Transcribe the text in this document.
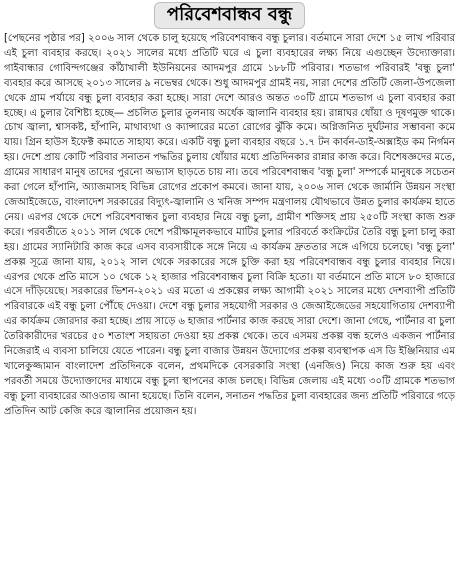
পরিবেশবান্ধব বন্ধু

[পেছনের পৃষ্ঠার পর] ২০০৬ সাল থেকে চালু হয়েছে পরিবেশবান্ধব বন্ধু চুলার। বর্তমানে সারা দেশে ১৫ লাখ পরিবার এই চুলা ব্যবহার করছে। ২০২১ সালের মধ্যে প্রতিটি ঘরে এ চুলা ব্যবহারের লক্ষ্য নিয়ে এগুচ্ছেন উদ্যোক্তারা। গাইবান্ধার গোবিন্দগঞ্জের কাঁঠাখালী ইউনিয়নের আদমপুর গ্রামে ১৮৮টি পরিবার। শতভাগ পরিবারই 'বন্ধু চুলা' ব্যবহার করে আসছে ২০১৩ সালের ৯ নভেম্বর থেকে। শুধু আদমপুর গ্রামই নয়, সারা দেশের প্রতিটি জেলা-উপজেলা থেকে গ্রাম পর্যায়ে বন্ধু চুলা ব্যবহার করা হচ্ছে। সারা দেশে আরও অন্তত ৩০টি গ্রামে শতভাগ এ চুলা ব্যবহার করা হচ্ছে। এ চুলার বৈশিষ্ট্য হচ্ছে— প্রচলিত চুলার তুলনায় অর্ধেক জ্বালানি ব্যবহার হয়। রান্নাঘর ধোঁয়া ও দূষণমুক্ত থাকে। চোখ জ্বালা, শ্বাসকষ্ট, হাঁপানি, মাথাব্যথা ও ক্যান্সারের মতো রোগের ঝুঁকি কমে। অগ্নিজনিত দুর্ঘটনার সম্ভাবনা কমে যায়। গ্রিন হাউস ইফেক্ট কমাতে সাহায্য করে। একটি বন্ধু চুলা ব্যবহার বছরে ১.৭ টন কার্বন-ডাই-অক্সাইড কম নির্গমন হয়। দেশে প্রায় কোটি পরিবার সনাতন পদ্ধতির চুলায় ধোঁয়ার মধ্যে প্রতিদিনকার রান্নার কাজ করে। বিশেষজ্ঞদের মতে, গ্রামের সাধারণ মানুষ তাদের পুরনো অভ্যাস ছাড়তে চায় না। তবে পরিবেশবান্ধব 'বন্ধু চুলা' সম্পর্কে মানুষকে সচেতন করা গেলে হাঁপানি, অ্যাজমাসহ বিভিন্ন রোগের প্রকোপ কমবে। জানা যায়, ২০০৬ সাল থেকে জার্মানি উন্নয়ন সংস্থা জেআইজেডে, বাংলাদেশ সরকারের বিদ্যুৎ-জ্বালানি ও খনিজ সম্পদ মন্ত্রণালয় যৌথভাবে উন্নত চুলার কার্যক্রম হাতে নেয়। এরপর থেকে দেশে পরিবেশবান্ধব চুলা ব্যবহার নিয়ে বন্ধু চুলা, গ্রামীণ শক্তিসহ প্রায় ২৫০টি সংস্থা কাজ শুরু করে। পরবর্তীতে ২০১১ সাল থেকে দেশে পরীক্ষামূলকভাবে মাটির চুলার পরিবর্তে কংক্রিটের তৈরি বন্ধু চুলা চালু করা হয়। গ্রামের স্যানিটারি কাজ করে এসব ব্যবসায়ীকে সঙ্গে নিয়ে এ কার্যক্রম দ্রুততার সঙ্গে এগিয়ে চলেছে। 'বন্ধু চুলা' প্রকল্প সূত্রে জানা যায়, ২০১২ সাল থেকে সরকারের সঙ্গে চুক্তি করা হয় পরিবেশবান্ধব বন্ধু চুলার ব্যবহার নিয়ে। এরপর থেকে প্রতি মাসে ১০ থেকে ১২ হাজার পরিবেশবান্ধব চুলা বিক্রি হতো। যা বর্তমানে প্রতি মাসে ৮০ হাজারে এসে দাঁড়িয়েছে। সরকারের ভিশন-২০২১ এর মতো এ প্রকল্পের লক্ষ্য আগামী ২০২১ সালের মধ্যে দেশব্যাপী প্রতিটি পরিবারকে এই বন্ধু চুলা পৌঁছে দেওয়া। দেশে বন্ধু চুলার সহযোগী সরকার ও জেআইজেডের সহযোগিতায় দেশব্যাপী এর কার্যক্রম জোরদার করা হচ্ছে। প্রায় সাড়ে ৬ হাজার পার্টনার কাজ করছে সারা দেশে। জানা গেছে, পার্টনার বা চুলা তৈরিকারীদের খরচের ৫০ শতাংশ সহায়তা দেওয়া হয় প্রকল্প থেকে। তবে এসময় প্রকল্প বন্ধ হলেও একজন পার্টনার নিজেরাই এ ব্যবসা চালিয়ে যেতে পারেন। বন্ধু চুলা বাজার উন্নয়ন উদ্যোগের প্রকল্প ব্যবস্থাপক এস ডি ইঞ্জিনিয়ার এম খালেকুজ্জামান বাংলাদেশ প্রতিদিনকে বলেন, প্রথমদিকে বেসরকারি সংস্থা (এনজিও) নিয়ে কাজ শুরু হয় এবং পরবর্তী সময়ে উদ্যোক্তাদের মাধ্যমে বন্ধু চুলা স্থাপনের কাজ চলছে। বিভিন্ন জেলায় এই মধ্যে ৩০টি গ্রামকে শতভাগ বন্ধু চুলা ব্যবহারের আওতায় আনা হয়েছে। তিনি বলেন, সনাতন পদ্ধতির চুলা ব্যবহারের জন্য প্রতিটি পরিবারে গড়ে প্রতিদিন আট কেজি করে জ্বালানির প্রয়োজন হয়।
